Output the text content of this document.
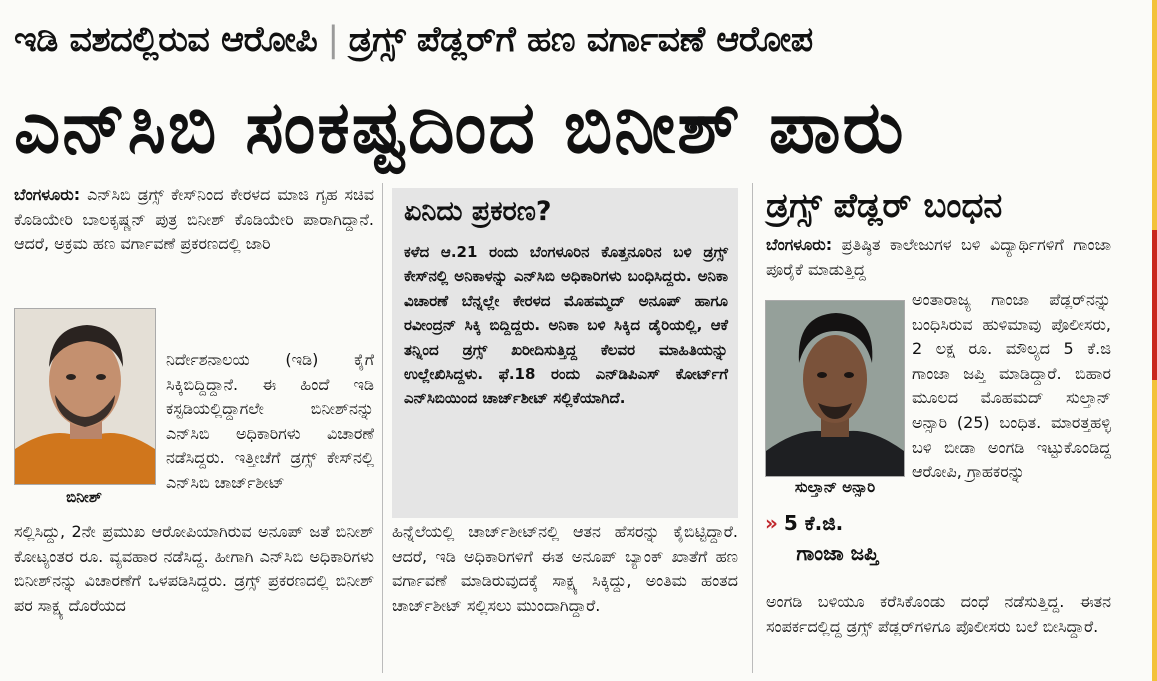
ಇಡಿ ವಶದಲ್ಲಿರುವ ಆರೋಪಿ | ಡ್ರಗ್ಸ್ ಪೆಡ್ಲರ್‌ಗೆ ಹಣ ವರ್ಗಾವಣೆ ಆರೋಪ
ಎನ್‌ಸಿಬಿ ಸಂಕಷ್ಟದಿಂದ ಬಿನೀಶ್ ಪಾರು

ಬೆಂಗಳೂರು: ಎನ್‌ಸಿಬಿ ಡ್ರಗ್ಸ್ ಕೇಸ್‌ನಿಂದ ಕೇರಳದ ಮಾಜಿ ಗೃಹ ಸಚಿವ ಕೊಡಿಯೇರಿ ಬಾಲಕೃಷ್ಣನ್ ಪುತ್ರ ಬಿನೀಶ್ ಕೊಡಿಯೇರಿ ಪಾರಾಗಿದ್ದಾನೆ. ಆದರೆ, ಅಕ್ರಮ ಹಣ ವರ್ಗಾವಣೆ ಪ್ರಕರಣದಲ್ಲಿ ಜಾರಿ

ಬಿನೀಶ್

ನಿರ್ದೇಶನಾಲಯ (ಇಡಿ) ಕೈಗೆ ಸಿಕ್ಕಿಬಿದ್ದಿದ್ದಾನೆ. ಈ ಹಿಂದೆ ಇಡಿ ಕಸ್ಟಡಿಯಲ್ಲಿದ್ದಾಗಲೇ ಬಿನೀಶ್‌ನನ್ನು ಎನ್‌ಸಿಬಿ ಅಧಿಕಾರಿಗಳು ವಿಚಾರಣೆ ನಡೆಸಿದ್ದರು. ಇತ್ತೀಚೆಗೆ ಡ್ರಗ್ಸ್ ಕೇಸ್‌ನಲ್ಲಿ ಎನ್‌ಸಿಬಿ ಚಾರ್ಜ್‌ಶೀಟ್

ಸಲ್ಲಿಸಿದ್ದು, 2ನೇ ಪ್ರಮುಖ ಆರೋಪಿಯಾಗಿರುವ ಅನೂಪ್ ಜತೆ ಬಿನೀಶ್ ಕೋಟ್ಯಂತರ ರೂ. ವ್ಯವಹಾರ ನಡೆಸಿದ್ದ. ಹೀಗಾಗಿ ಎನ್‌ಸಿಬಿ ಅಧಿಕಾರಿಗಳು ಬಿನೀಶ್‌ನನ್ನು ವಿಚಾರಣೆಗೆ ಒಳಪಡಿಸಿದ್ದರು. ಡ್ರಗ್ಸ್ ಪ್ರಕರಣದಲ್ಲಿ ಬಿನೀಶ್ ಪರ ಸಾಕ್ಷ್ಯ ದೊರೆಯದ

ಏನಿದು ಪ್ರಕರಣ?

ಕಳೆದ ಆ.21 ರಂದು ಬೆಂಗಳೂರಿನ ಕೊತ್ತನೂರಿನ ಬಳಿ ಡ್ರಗ್ಸ್ ಕೇಸ್‌ನಲ್ಲಿ ಅನಿಕಾಳನ್ನು ಎನ್‌ಸಿಬಿ ಅಧಿಕಾರಿಗಳು ಬಂಧಿಸಿದ್ದರು. ಅನಿಕಾ ವಿಚಾರಣೆ ಬೆನ್ನಲ್ಲೇ ಕೇರಳದ ಮೊಹಮ್ಮದ್ ಅನೂಪ್ ಹಾಗೂ ರವೀಂದ್ರನ್ ಸಿಕ್ಕಿ ಬಿದ್ದಿದ್ದರು. ಅನಿಕಾ ಬಳಿ ಸಿಕ್ಕಿದ ಡೈರಿಯಲ್ಲಿ, ಆಕೆ ತನ್ನಿಂದ ಡ್ರಗ್ಸ್ ಖರೀದಿಸುತ್ತಿದ್ದ ಕೆಲವರ ಮಾಹಿತಿಯನ್ನು ಉಲ್ಲೇಖಿಸಿದ್ದಳು. ಫೆ.18 ರಂದು ಎನ್‌ಡಿಪಿಎಸ್ ಕೋರ್ಟ್‌ಗೆ ಎನ್‌ಸಿಬಿಯಿಂದ ಚಾರ್ಜ್‌ಶೀಟ್ ಸಲ್ಲಿಕೆಯಾಗಿದೆ.

ಹಿನ್ನೆಲೆಯಲ್ಲಿ ಚಾರ್ಜ್‌ಶೀಟ್‌ನಲ್ಲಿ ಆತನ ಹೆಸರನ್ನು ಕೈಬಿಟ್ಟಿದ್ದಾರೆ. ಆದರೆ, ಇಡಿ ಅಧಿಕಾರಿಗಳಿಗೆ ಈತ ಅನೂಪ್ ಬ್ಯಾಂಕ್ ಖಾತೆಗೆ ಹಣ ವರ್ಗಾವಣೆ ಮಾಡಿರುವುದಕ್ಕೆ ಸಾಕ್ಷ್ಯ ಸಿಕ್ಕಿದ್ದು, ಅಂತಿಮ ಹಂತದ ಚಾರ್ಜ್‌ಶೀಟ್ ಸಲ್ಲಿಸಲು ಮುಂದಾಗಿದ್ದಾರೆ.

ಡ್ರಗ್ಸ್ ಪೆಡ್ಲರ್ ಬಂಧನ

ಬೆಂಗಳೂರು: ಪ್ರತಿಷ್ಠಿತ ಕಾಲೇಜುಗಳ ಬಳಿ ವಿದ್ಯಾರ್ಥಿಗಳಿಗೆ ಗಾಂಜಾ ಪೂರೈಕೆ ಮಾಡುತ್ತಿದ್ದ

ಸುಲ್ತಾನ್ ಅನ್ಸಾರಿ

ಅಂತಾರಾಜ್ಯ ಗಾಂಜಾ ಪೆಡ್ಲರ್‌ನನ್ನು ಬಂಧಿಸಿರುವ ಹುಳಿಮಾವು ಪೊಲೀಸರು, 2 ಲಕ್ಷ ರೂ. ಮೌಲ್ಯದ 5 ಕೆ.ಜಿ ಗಾಂಜಾ ಜಪ್ತಿ ಮಾಡಿದ್ದಾರೆ. ಬಿಹಾರ ಮೂಲದ ಮೊಹಮದ್ ಸುಲ್ತಾನ್ ಅನ್ಸಾರಿ (25) ಬಂಧಿತ. ಮಾರತ್ತಹಳ್ಳಿ ಬಳಿ ಬೀಡಾ ಅಂಗಡಿ ಇಟ್ಟುಕೊಂಡಿದ್ದ ಆರೋಪಿ, ಗ್ರಾಹಕರನ್ನು

» 5 ಕೆ.ಜಿ.
ಗಾಂಜಾ ಜಪ್ತಿ

ಅಂಗಡಿ ಬಳಿಯೂ ಕರೆಸಿಕೊಂಡು ದಂಧೆ ನಡೆಸುತ್ತಿದ್ದ. ಈತನ ಸಂಪರ್ಕದಲ್ಲಿದ್ದ ಡ್ರಗ್ಸ್ ಪೆಡ್ಲರ್‌ಗಳಿಗೂ ಪೊಲೀಸರು ಬಲೆ ಬೀಸಿದ್ದಾರೆ.
